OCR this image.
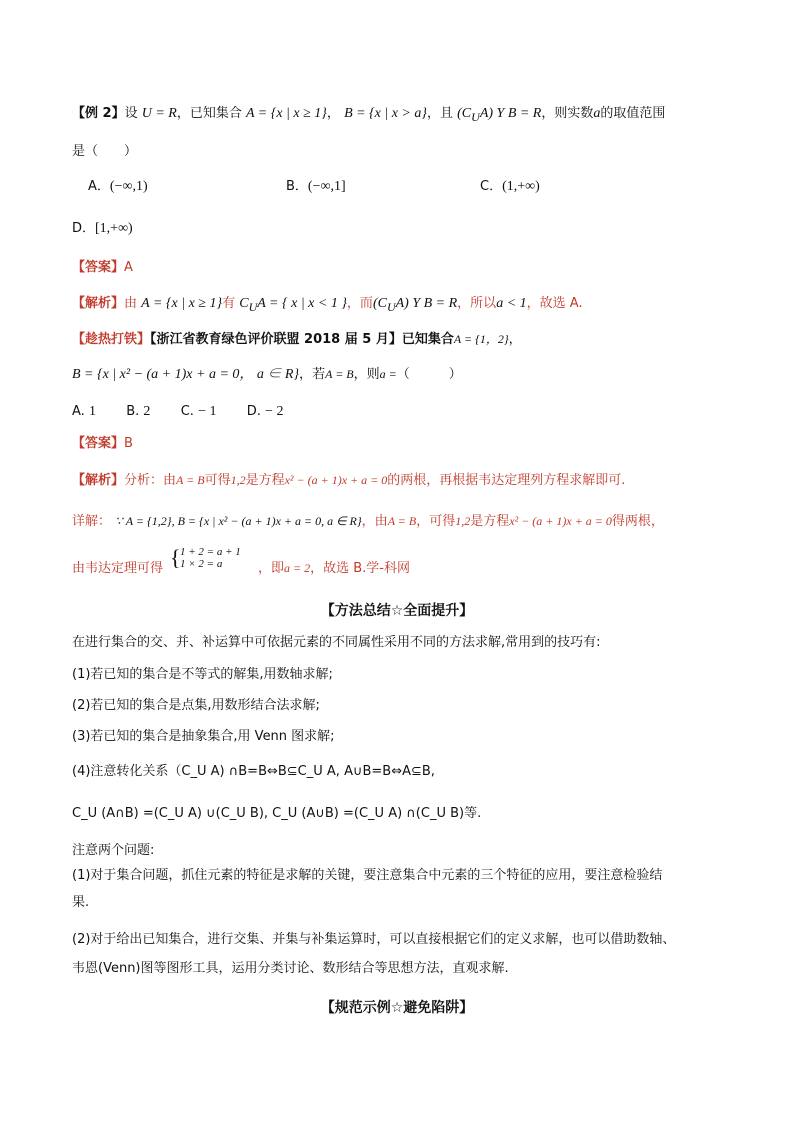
【例 2】设 U = R，已知集合 A = {x | x ≥ 1}， B = {x | x > a}，且 $(C_UA)$ Y B = R，则实数a的取值范围
是（　　）
A．(−∞,1)	B．(−∞,1]	C．(1,+∞)
D．[1,+∞)
【答案】A
【解析】由 A = {x | x ≥ 1}有 $C_UA$ = { x | x < 1 }，而$(C_UA)$ Y B = R，所以a < 1，故选 A.
【趁热打铁】【浙江省教育绿色评价联盟 2018 届 5 月】已知集合A = {1，2}，
B = {x | x² − (a + 1)x + a = 0， a ∈ R}，若A = B，则a =（　　　）
A. 1 B. 2 C. − 1 D. − 2
【答案】B
【解析】分析：由A = B可得1,2是方程x² − (a + 1)x + a = 0的两根，再根据韦达定理列方程求解即可.
详解： ∵ A = {1,2}, B = {x | x² − (a + 1)x + a = 0, a ∈ R}，由A = B，可得1,2是方程x² − (a + 1)x + a = 0得两根，
由韦达定理可得 { 1 + 2 = a + 1
1 × 2 = a	，即a = 2，故选 B.学-科网
【方法总结☆全面提升】
在进行集合的交、并、补运算中可依据元素的不同属性采用不同的方法求解,常用到的技巧有:
(1)若已知的集合是不等式的解集,用数轴求解;
(2)若已知的集合是点集,用数形结合法求解;
(3)若已知的集合是抽象集合,用 Venn 图求解;
(4)注意转化关系（C_U A) ∩B=B⇔B⊆C_U A, A∪B=B⇔A⊆B,
C_U (A∩B) =(C_U A) ∪(C_U B), C_U (A∪B) =(C_U A) ∩(C_U B)等.
注意两个问题:
(1)对于集合问题，抓住元素的特征是求解的关键，要注意集合中元素的三个特征的应用，要注意检验结
果.
(2)对于给出已知集合，进行交集、并集与补集运算时，可以直接根据它们的定义求解，也可以借助数轴、
韦恩(Venn)图等图形工具，运用分类讨论、数形结合等思想方法，直观求解.
【规范示例☆避免陷阱】
